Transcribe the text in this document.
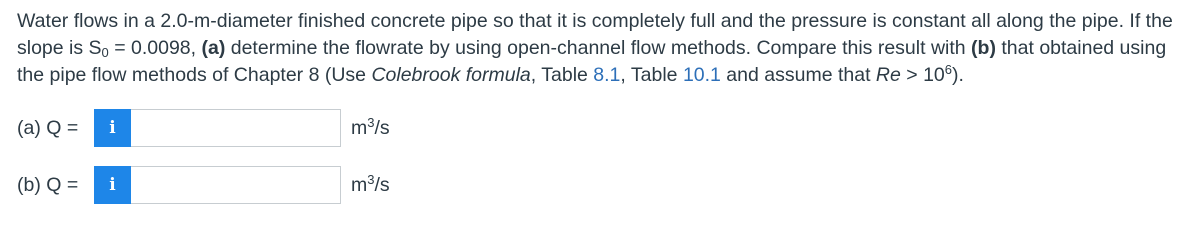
Water flows in a 2.0-m-diameter finished concrete pipe so that it is completely full and the pressure is constant all along the pipe. If the
slope is $S_0 = 0.0098$, (a) determine the flowrate by using open-channel flow methods. Compare this result with (b) that obtained using
the pipe flow methods of Chapter 8 (Use Colebrook formula, Table 8.1, Table 10.1 and assume that $Re > 10^6$).
(a) Q =	i	$m^3/s$
(b) Q =	i	$m^3/s$
